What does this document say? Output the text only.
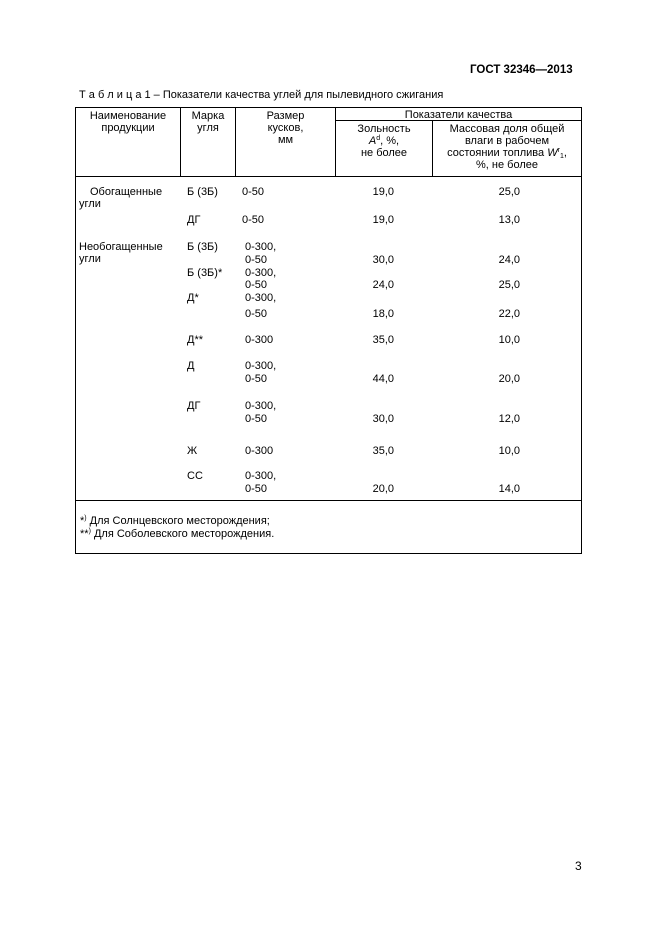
ГОСТ 32346—2013
Т а б л и ц а 1 – Показатели качества углей для пылевидного сжигания
Наименование
продукции
Марка
угля
Размер
кусков,
мм
Показатели качества
Зольность
$A^d$, %,
не более
Массовая доля общей
влаги в рабочем
состоянии топлива $W^r1$,
%, не более
Обогащенные
угли
Необогащенные
угли
Б (3Б)
ДГ
Б (3Б)
Б (3Б)*
Д*
Д**
Д
ДГ
Ж
СС
0-50
0-50
0-300,
0-50
0-300,
0-50
0-300,
0-50
0-300
0-300,
0-50
0-300,
0-50
0-300
0-300,
0-50
19,0
19,0
30,0
24,0
18,0
35,0
44,0
30,0
35,0
20,0
25,0
13,0
24,0
25,0
22,0
10,0
20,0
12,0
10,0
14,0
*) Для Солнцевского месторождения;
**) Для Соболевского месторождения.
3
